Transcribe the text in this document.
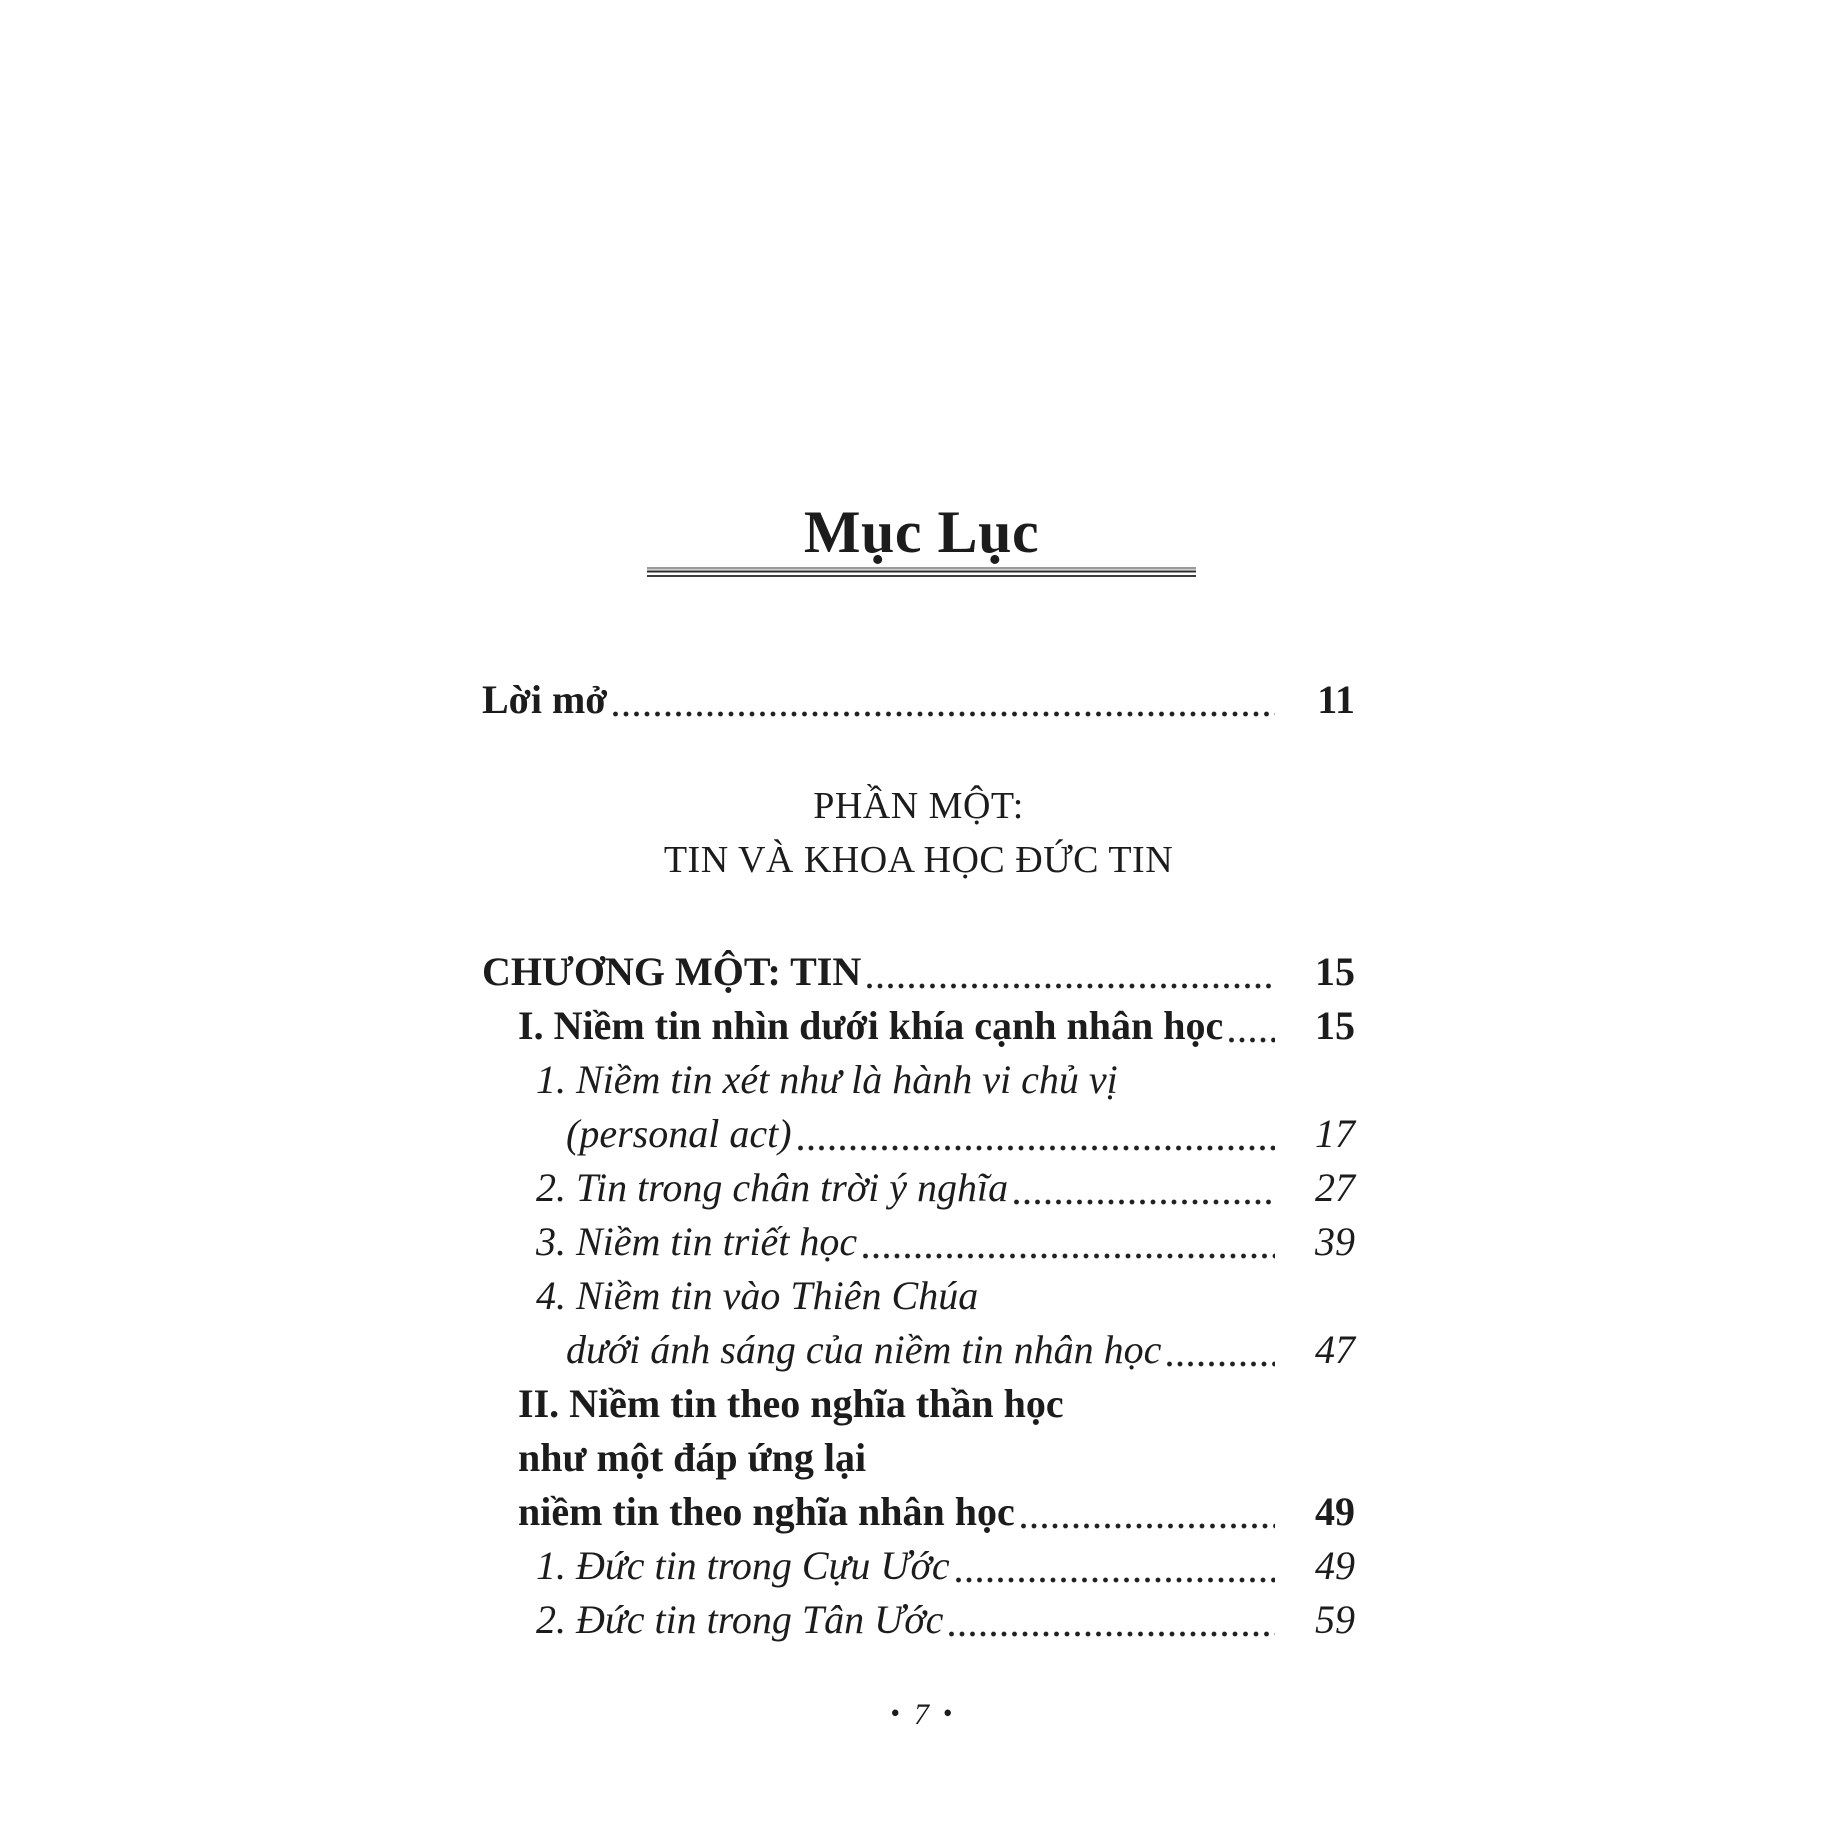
Mục Lục
Lời mở	11
PHẦN MỘT:
TIN VÀ KHOA HỌC ĐỨC TIN
CHƯƠNG MỘT: TIN	15
I. Niềm tin nhìn dưới khía cạnh nhân học	15
1. Niềm tin xét như là hành vi chủ vị
(personal act)	17
2. Tin trong chân trời ý nghĩa	27
3. Niềm tin triết học	39
4. Niềm tin vào Thiên Chúa
dưới ánh sáng của niềm tin nhân học	47
II. Niềm tin theo nghĩa thần học
như một đáp ứng lại
niềm tin theo nghĩa nhân học	49
1. Đức tin trong Cựu Ước	49
2. Đức tin trong Tân Ước	59
• 7 •
